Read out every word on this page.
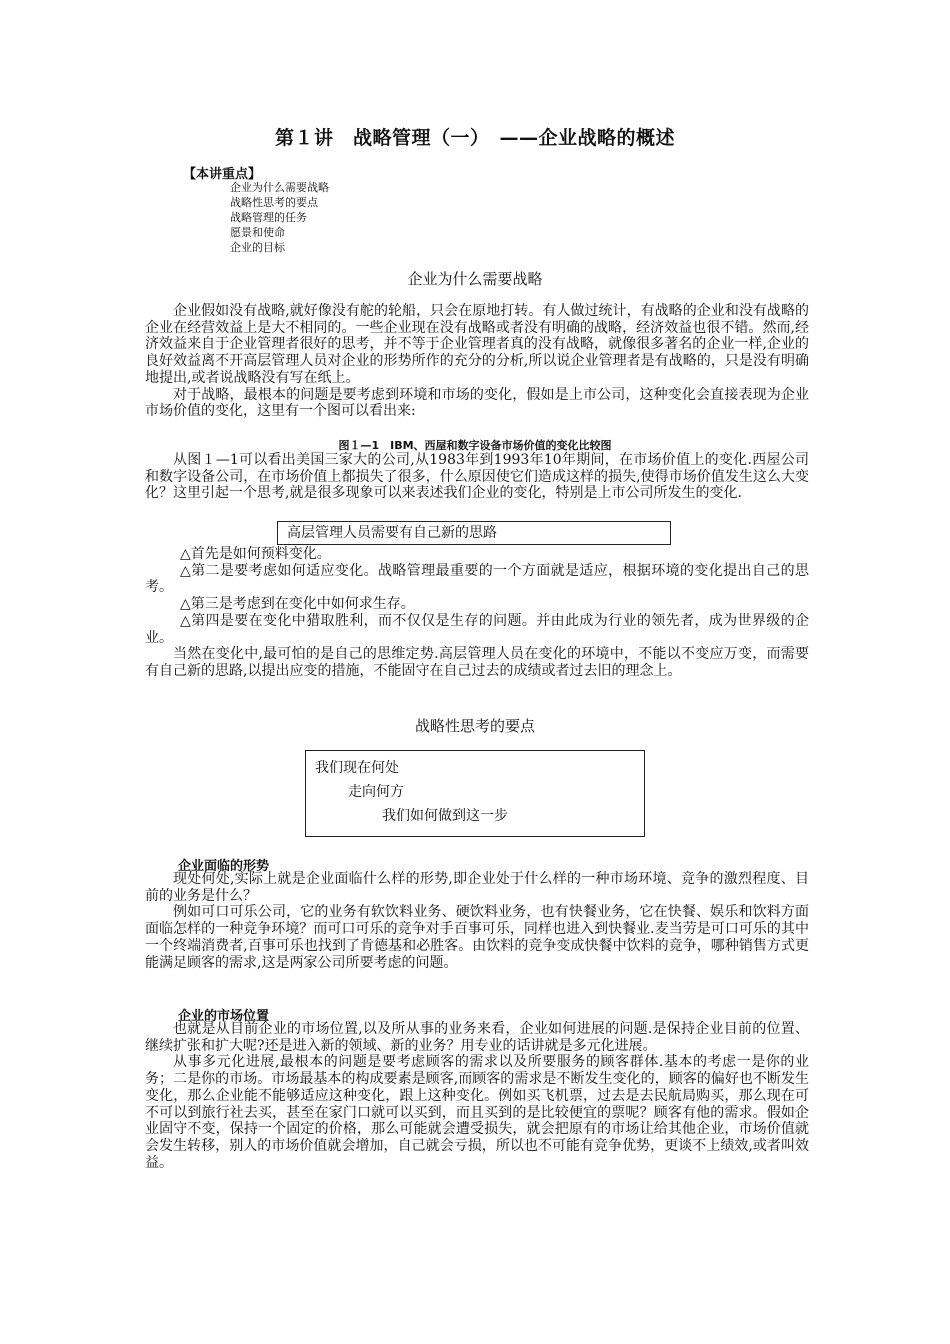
第１讲　战略管理（一）　——企业战略的概述
【本讲重点】
企业为什么需要战略
战略性思考的要点
战略管理的任务
愿景和使命
企业的目标
企业为什么需要战略

企业假如没有战略,就好像没有舵的轮船，只会在原地打转。有人做过统计，有战略的企业和没有战略的企业在经营效益上是大不相同的。一些企业现在没有战略或者没有明确的战略，经济效益也很不错。然而,经济效益来自于企业管理者很好的思考，并不等于企业管理者真的没有战略，就像很多著名的企业一样,企业的良好效益离不开高层管理人员对企业的形势所作的充分的分析,所以说企业管理者是有战略的，只是没有明确地提出,或者说战略没有写在纸上。

对于战略，最根本的问题是要考虑到环境和市场的变化，假如是上市公司，这种变化会直接表现为企业市场价值的变化，这里有一个图可以看出来:

图１—1　IBM、西屋和数字设备市场价值的变化比较图

从图１—1可以看出美国三家大的公司,从1983年到1993年10年期间，在市场价值上的变化.西屋公司和数字设备公司，在市场价值上都损失了很多，什么原因使它们造成这样的损失,使得市场价值发生这么大变化？这里引起一个思考,就是很多现象可以来表述我们企业的变化，特别是上市公司所发生的变化.

高层管理人员需要有自己新的思路

△首先是如何预料变化。

△第二是要考虑如何适应变化。战略管理最重要的一个方面就是适应，根据环境的变化提出自己的思考。

△第三是考虑到在变化中如何求生存。

△第四是要在变化中猎取胜利，而不仅仅是生存的问题。并由此成为行业的领先者，成为世界级的企业。

当然在变化中,最可怕的是自己的思维定势.高层管理人员在变化的环境中，不能以不变应万变，而需要有自己新的思路,以提出应变的措施，不能固守在自己过去的成绩或者过去旧的理念上。

战略性思考的要点
我们现在何处
走向何方
我们如何做到这一步
企业面临的形势

现处何处,实际上就是企业面临什么样的形势,即企业处于什么样的一种市场环境、竞争的激烈程度、目前的业务是什么？

例如可口可乐公司，它的业务有软饮料业务、硬饮料业务，也有快餐业务，它在快餐、娱乐和饮料方面面临怎样的一种竞争环境？而可口可乐的竞争对手百事可乐，同样也进入到快餐业.麦当劳是可口可乐的其中一个终端消费者,百事可乐也找到了肯德基和必胜客。由饮料的竞争变成快餐中饮料的竞争，哪种销售方式更能满足顾客的需求,这是两家公司所要考虑的问题。

企业的市场位置

也就是从目前企业的市场位置,以及所从事的业务来看，企业如何进展的问题.是保持企业目前的位置、继续扩张和扩大呢?还是进入新的领域、新的业务？用专业的话讲就是多元化进展。

从事多元化进展,最根本的问题是要考虑顾客的需求以及所要服务的顾客群体.基本的考虑一是你的业务；二是你的市场。市场最基本的构成要素是顾客,而顾客的需求是不断发生变化的，顾客的偏好也不断发生变化，那么企业能不能够适应这种变化，跟上这种变化。例如买飞机票，过去是去民航局购买，那么现在可不可以到旅行社去买，甚至在家门口就可以买到，而且买到的是比较便宜的票呢？顾客有他的需求。假如企业固守不变，保持一个固定的价格，那么可能就会遭受损失，就会把原有的市场让给其他企业，市场价值就会发生转移，别人的市场价值就会增加，自己就会亏损，所以也不可能有竞争优势，更谈不上绩效,或者叫效益。
